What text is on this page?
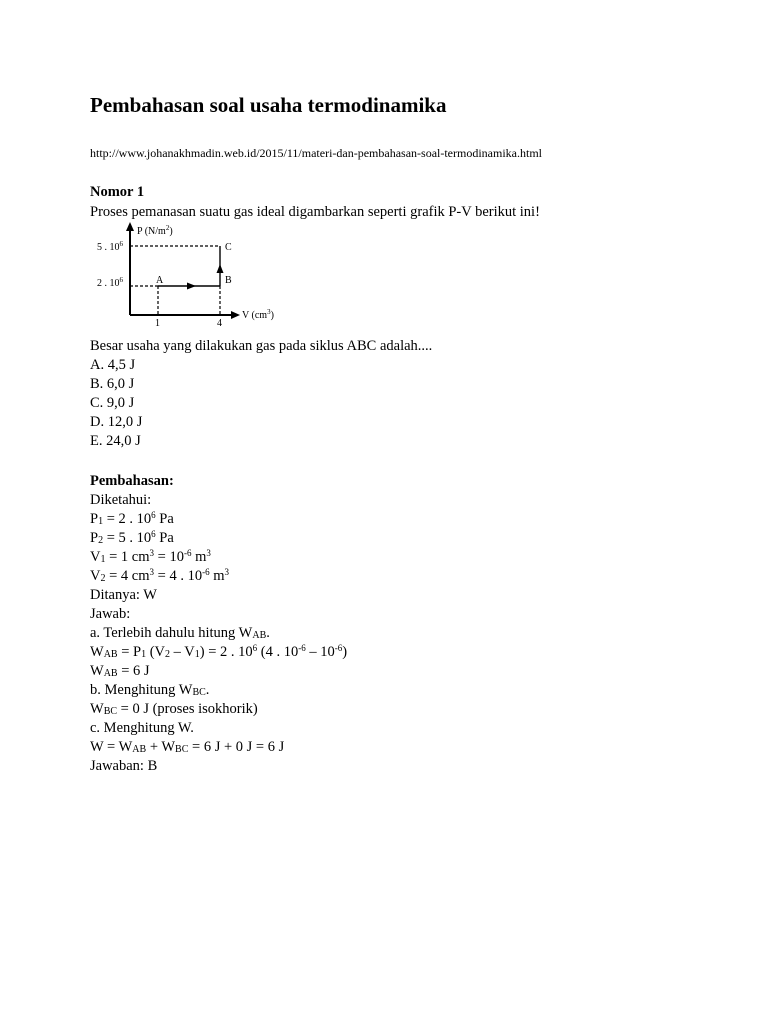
Pembahasan soal usaha termodinamika
http://www.johanakhmadin.web.id/2015/11/materi-dan-pembahasan-soal-termodinamika.html
Nomor 1
Proses pemanasan suatu gas ideal digambarkan seperti grafik P-V berikut ini!
P $(N/m^2)$
V $(cm^3)$
5 . $10^6$
2 . $10^6$
1	4
A	B
C
Besar usaha yang dilakukan gas pada siklus ABC adalah....
A. 4,5 J
B. 6,0 J
C. 9,0 J
D. 12,0 J
E. 24,0 J
Pembahasan:
Diketahui:
P1 = 2 . $10^6$ Pa
P2 = 5 . $10^6$ Pa
V1 = 1 $cm^3 = 10^{-6}$ $m^3$
V2 = 4 $cm^3 = 4$ . $10^{-6}$ $m^3$
Ditanya: W
Jawab:
a. Terlebih dahulu hitung WAB.
WAB = P1 (V2 – V1) = 2 . $10^6$ (4 . $10^{-6} - 10^{-6}$)
WAB = 6 J
b. Menghitung WBC.
WBC = 0 J (proses isokhorik)
c. Menghitung W.
W = WAB + WBC = 6 J + 0 J = 6 J
Jawaban: B
